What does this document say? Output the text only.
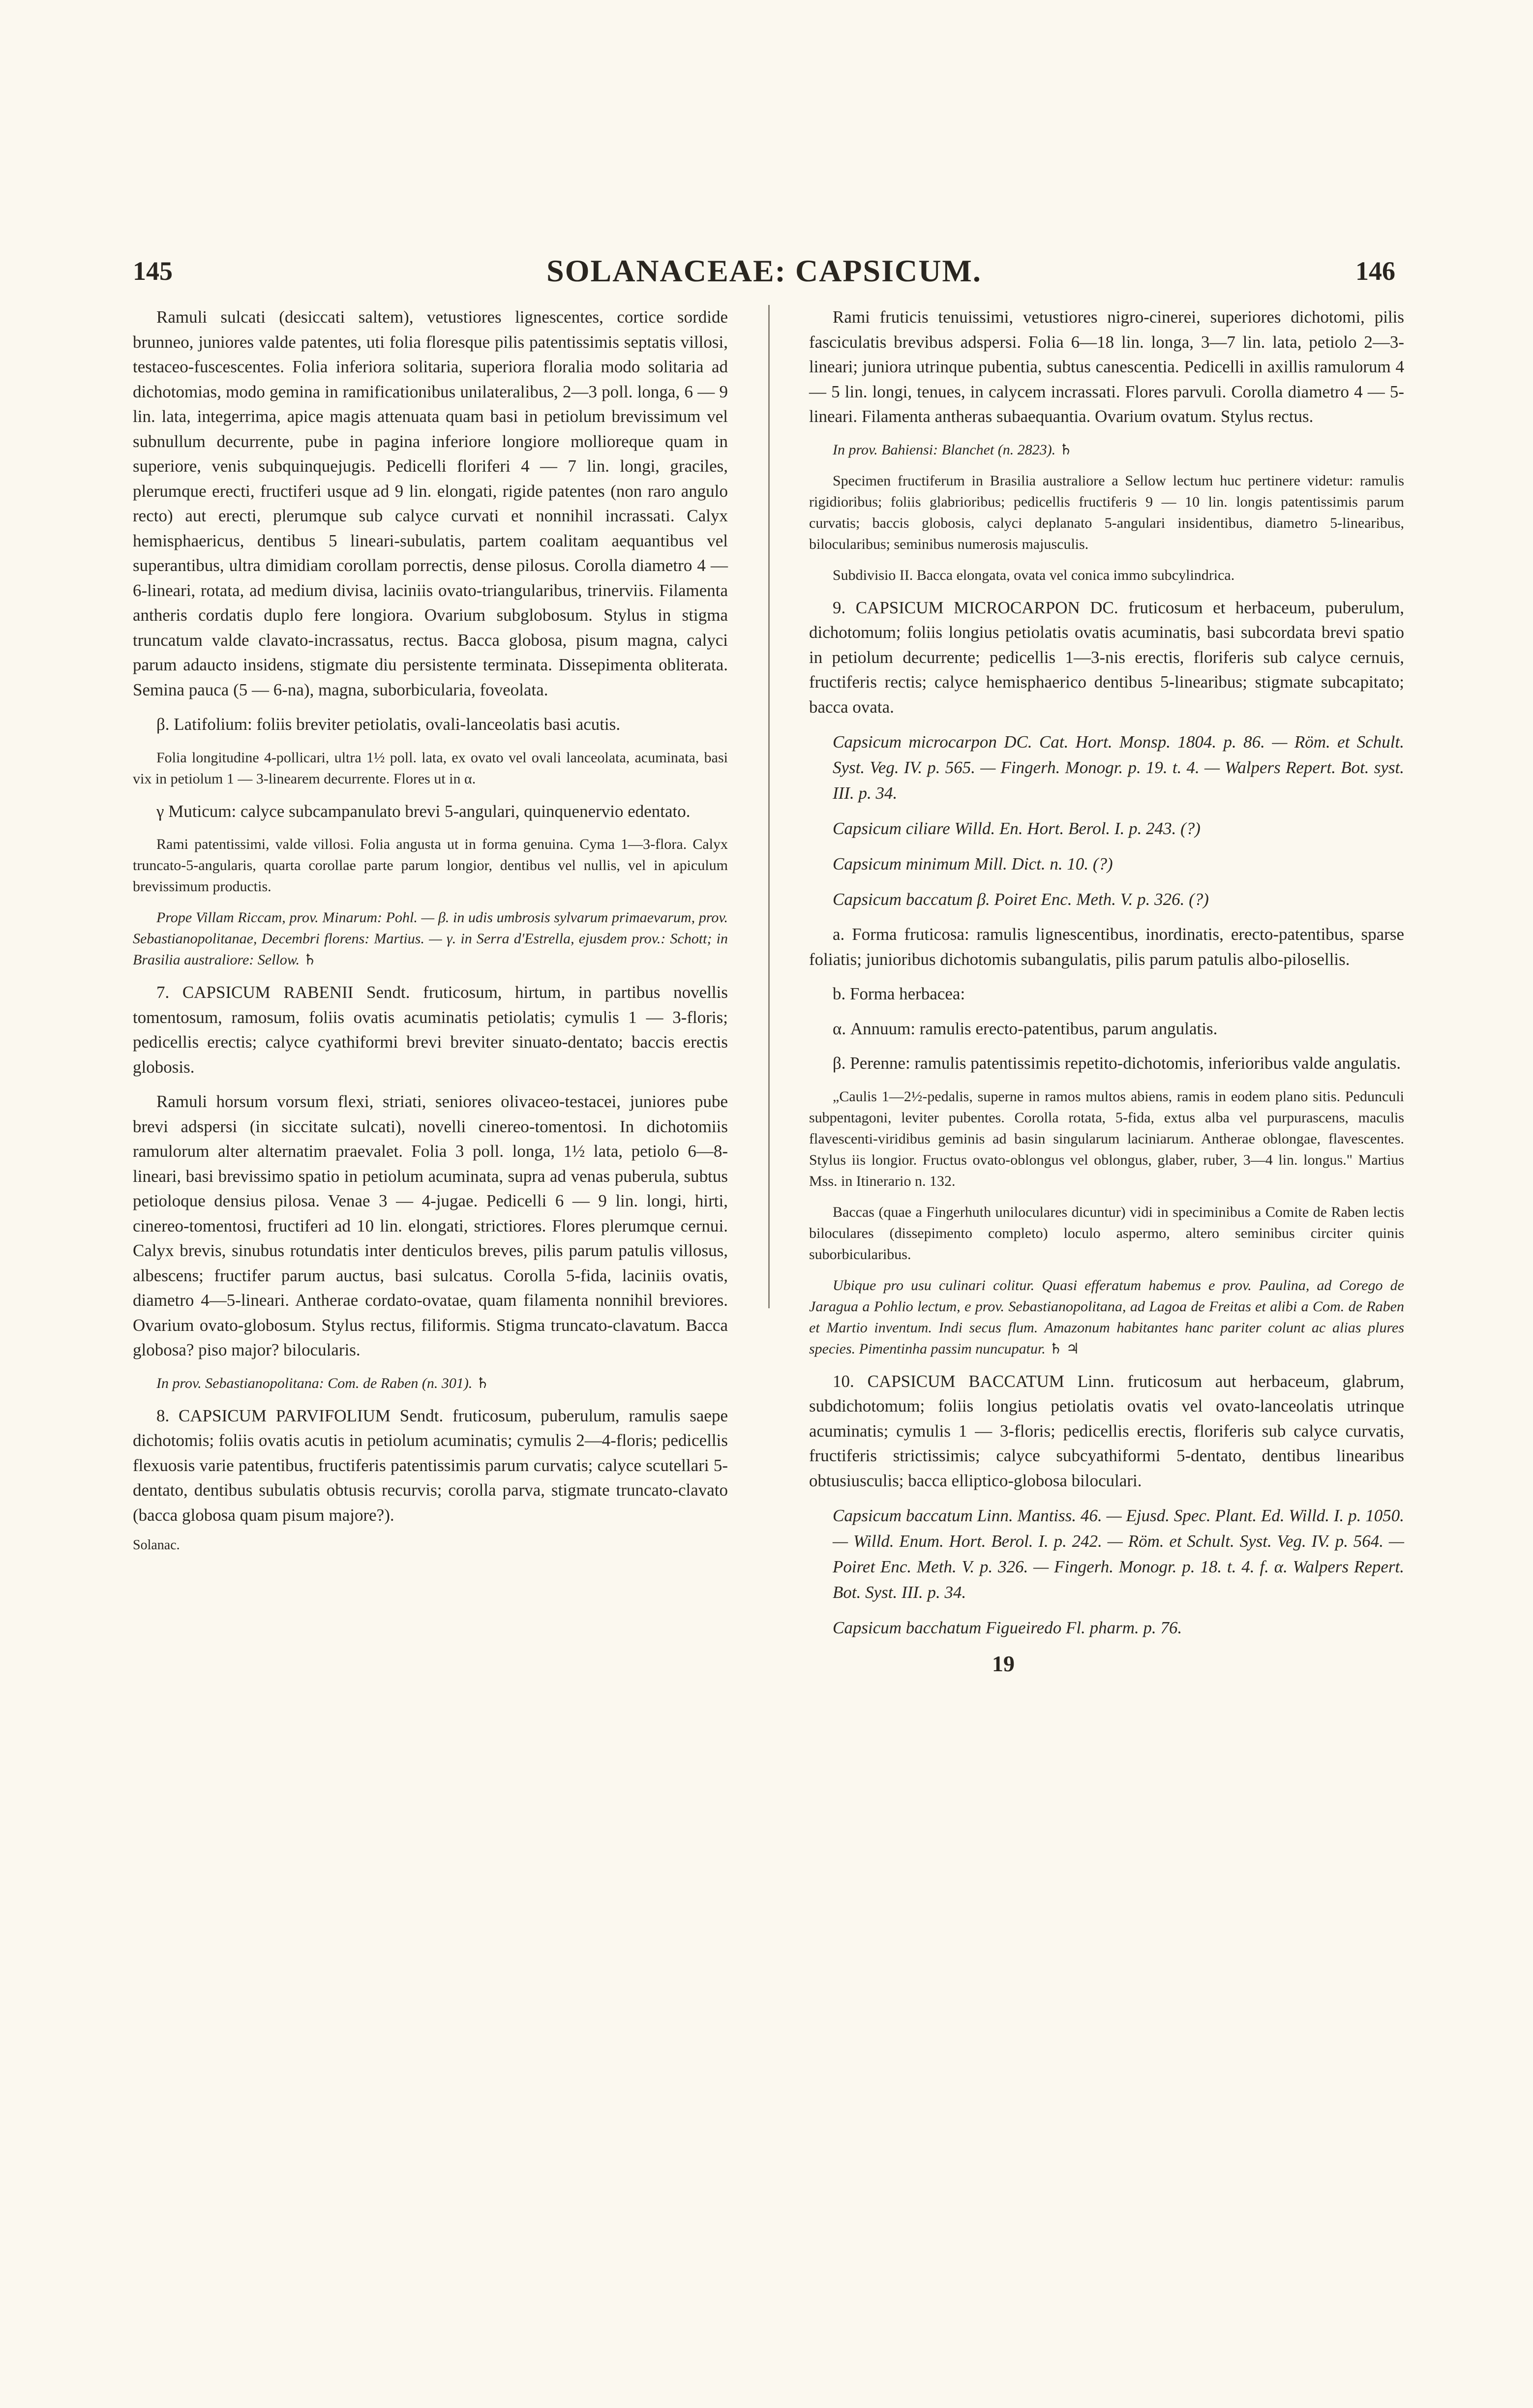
145	SOLANACEAE: CAPSICUM.	146

Ramuli sulcati (desiccati saltem), vetustiores lignescentes, cortice sordide brunneo, juniores valde patentes, uti folia floresque pilis patentissimis septatis villosi, testaceo-fuscescentes. Folia inferiora solitaria, superiora floralia modo solitaria ad dichotomias, modo gemina in ramificationibus unilateralibus, 2—3 poll. longa, 6 — 9 lin. lata, integerrima, apice magis attenuata quam basi in petiolum brevissimum vel subnullum decurrente, pube in pagina inferiore longiore mollioreque quam in superiore, venis subquinquejugis. Pedicelli floriferi 4 — 7 lin. longi, graciles, plerumque erecti, fructiferi usque ad 9 lin. elongati, rigide patentes (non raro angulo recto) aut erecti, plerumque sub calyce curvati et nonnihil incrassati. Calyx hemisphaericus, dentibus 5 lineari-subulatis, partem coalitam aequantibus vel superantibus, ultra dimidiam corollam porrectis, dense pilosus. Corolla diametro 4 — 6-lineari, rotata, ad medium divisa, laciniis ovato-triangularibus, trinerviis. Filamenta antheris cordatis duplo fere longiora. Ovarium subglobosum. Stylus in stigma truncatum valde clavato-incrassatus, rectus. Bacca globosa, pisum magna, calyci parum adaucto insidens, stigmate diu persistente terminata. Dissepimenta obliterata. Semina pauca (5 — 6-na), magna, suborbicularia, foveolata.

β. Latifolium: foliis breviter petiolatis, ovali-lanceolatis basi acutis.

Folia longitudine 4-pollicari, ultra 1½ poll. lata, ex ovato vel ovali lanceolata, acuminata, basi vix in petiolum 1 — 3-linearem decurrente. Flores ut in α.

γ Muticum: calyce subcampanulato brevi 5-angulari, quinquenervio edentato.

Rami patentissimi, valde villosi. Folia angusta ut in forma genuina. Cyma 1—3-flora. Calyx truncato-5-angularis, quarta corollae parte parum longior, dentibus vel nullis, vel in apiculum brevissimum productis.

Prope Villam Riccam, prov. Minarum: Pohl. — β. in udis umbrosis sylvarum primaevarum, prov. Sebastianopolitanae, Decembri florens: Martius. — γ. in Serra d'Estrella, ejusdem prov.: Schott; in Brasilia australiore: Sellow. ♄

7. CAPSICUM RABENII Sendt. fruticosum, hirtum, in partibus novellis tomentosum, ramosum, foliis ovatis acuminatis petiolatis; cymulis 1 — 3-floris; pedicellis erectis; calyce cyathiformi brevi breviter sinuato-dentato; baccis erectis globosis.

Ramuli horsum vorsum flexi, striati, seniores olivaceo-testacei, juniores pube brevi adspersi (in siccitate sulcati), novelli cinereo-tomentosi. In dichotomiis ramulorum alter alternatim praevalet. Folia 3 poll. longa, 1½ lata, petiolo 6—8-lineari, basi brevissimo spatio in petiolum acuminata, supra ad venas puberula, subtus petioloque densius pilosa. Venae 3 — 4-jugae. Pedicelli 6 — 9 lin. longi, hirti, cinereo-tomentosi, fructiferi ad 10 lin. elongati, strictiores. Flores plerumque cernui. Calyx brevis, sinubus rotundatis inter denticulos breves, pilis parum patulis villosus, albescens; fructifer parum auctus, basi sulcatus. Corolla 5-fida, laciniis ovatis, diametro 4—5-lineari. Antherae cordato-ovatae, quam filamenta nonnihil breviores. Ovarium ovato-globosum. Stylus rectus, filiformis. Stigma truncato-clavatum. Bacca globosa? piso major? bilocularis.

In prov. Sebastianopolitana: Com. de Raben (n. 301). ♄

8. CAPSICUM PARVIFOLIUM Sendt. fruticosum, puberulum, ramulis saepe dichotomis; foliis ovatis acutis in petiolum acuminatis; cymulis 2—4-floris; pedicellis flexuosis varie patentibus, fructiferis patentissimis parum curvatis; calyce scutellari 5-dentato, dentibus subulatis obtusis recurvis; corolla parva, stigmate truncato-clavato (bacca globosa quam pisum majore?).

Solanac.

Rami fruticis tenuissimi, vetustiores nigro-cinerei, superiores dichotomi, pilis fasciculatis brevibus adspersi. Folia 6—18 lin. longa, 3—7 lin. lata, petiolo 2—3-lineari; juniora utrinque pubentia, subtus canescentia. Pedicelli in axillis ramulorum 4 — 5 lin. longi, tenues, in calycem incrassati. Flores parvuli. Corolla diametro 4 — 5-lineari. Filamenta antheras subaequantia. Ovarium ovatum. Stylus rectus.

In prov. Bahiensi: Blanchet (n. 2823). ♄

Specimen fructiferum in Brasilia australiore a Sellow lectum huc pertinere videtur: ramulis rigidioribus; foliis glabrioribus; pedicellis fructiferis 9 — 10 lin. longis patentissimis parum curvatis; baccis globosis, calyci deplanato 5-angulari insidentibus, diametro 5-linearibus, bilocularibus; seminibus numerosis majusculis.

Subdivisio II. Bacca elongata, ovata vel conica immo subcylindrica.

9. CAPSICUM MICROCARPON DC. fruticosum et herbaceum, puberulum, dichotomum; foliis longius petiolatis ovatis acuminatis, basi subcordata brevi spatio in petiolum decurrente; pedicellis 1—3-nis erectis, floriferis sub calyce cernuis, fructiferis rectis; calyce hemisphaerico dentibus 5-linearibus; stigmate subcapitato; bacca ovata.

Capsicum microcarpon DC. Cat. Hort. Monsp. 1804. p. 86. — Röm. et Schult. Syst. Veg. IV. p. 565. — Fingerh. Monogr. p. 19. t. 4. — Walpers Repert. Bot. syst. III. p. 34.

Capsicum ciliare Willd. En. Hort. Berol. I. p. 243. (?)

Capsicum minimum Mill. Dict. n. 10. (?)

Capsicum baccatum β. Poiret Enc. Meth. V. p. 326. (?)

a. Forma fruticosa: ramulis lignescentibus, inordinatis, erecto-patentibus, sparse foliatis; junioribus dichotomis subangulatis, pilis parum patulis albo-pilosellis.

b. Forma herbacea:

α. Annuum: ramulis erecto-patentibus, parum angulatis.

β. Perenne: ramulis patentissimis repetito-dichotomis, inferioribus valde angulatis.

„Caulis 1—2½-pedalis, superne in ramos multos abiens, ramis in eodem plano sitis. Pedunculi subpentagoni, leviter pubentes. Corolla rotata, 5-fida, extus alba vel purpurascens, maculis flavescenti-viridibus geminis ad basin singularum laciniarum. Antherae oblongae, flavescentes. Stylus iis longior. Fructus ovato-oblongus vel oblongus, glaber, ruber, 3—4 lin. longus." Martius Mss. in Itinerario n. 132.

Baccas (quae a Fingerhuth uniloculares dicuntur) vidi in speciminibus a Comite de Raben lectis biloculares (dissepimento completo) loculo aspermo, altero seminibus circiter quinis suborbicularibus.

Ubique pro usu culinari colitur. Quasi efferatum habemus e prov. Paulina, ad Corego de Jaragua a Pohlio lectum, e prov. Sebastianopolitana, ad Lagoa de Freitas et alibi a Com. de Raben et Martio inventum. Indi secus flum. Amazonum habitantes hanc pariter colunt ac alias plures species. Pimentinha passim nuncupatur. ♄ ♃

10. CAPSICUM BACCATUM Linn. fruticosum aut herbaceum, glabrum, subdichotomum; foliis longius petiolatis ovatis vel ovato-lanceolatis utrinque acuminatis; cymulis 1 — 3-floris; pedicellis erectis, floriferis sub calyce curvatis, fructiferis strictissimis; calyce subcyathiformi 5-dentato, dentibus linearibus obtusiusculis; bacca elliptico-globosa biloculari.

Capsicum baccatum Linn. Mantiss. 46. — Ejusd. Spec. Plant. Ed. Willd. I. p. 1050. — Willd. Enum. Hort. Berol. I. p. 242. — Röm. et Schult. Syst. Veg. IV. p. 564. — Poiret Enc. Meth. V. p. 326. — Fingerh. Monogr. p. 18. t. 4. f. α. Walpers Repert. Bot. Syst. III. p. 34.

Capsicum bacchatum Figueiredo Fl. pharm. p. 76.

19
